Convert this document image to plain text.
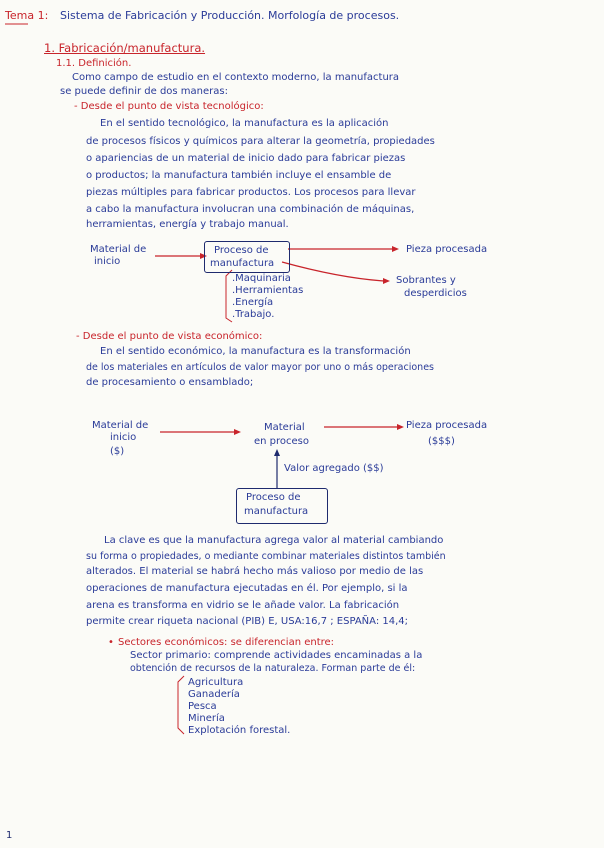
Tema 1: Sistema de Fabricación y Producción. Morfología de procesos.
1. Fabricación/manufactura.
1.1. Definición.
Como campo de estudio en el contexto moderno, la manufactura
se puede definir de dos maneras:
- Desde el punto de vista tecnológico:
En el sentido tecnológico, la manufactura es la aplicación
de procesos físicos y químicos para alterar la geometría, propiedades
o apariencias de un material de inicio dado para fabricar piezas
o productos; la manufactura también incluye el ensamble de
piezas múltiples para fabricar productos. Los procesos para llevar
a cabo la manufactura involucran una combinación de máquinas,
herramientas, energía y trabajo manual.
Material de
inicio
Proceso de
manufactura
Pieza procesada
Sobrantes y
desperdicios
.Maquinaria
.Herramientas
.Energía
.Trabajo.
- Desde el punto de vista económico:
En el sentido económico, la manufactura es la transformación
de los materiales en artículos de valor mayor por uno o más operaciones
de procesamiento o ensamblado;
Material de
inicio
($)
Material
en proceso
Pieza procesada
($$$)
Valor agregado ($$)
Proceso de
manufactura
La clave es que la manufactura agrega valor al material cambiando
su forma o propiedades, o mediante combinar materiales distintos también
alterados. El material se habrá hecho más valioso por medio de las
operaciones de manufactura ejecutadas en él. Por ejemplo, si la
arena es transforma en vidrio se le añade valor. La fabricación
permite crear riqueta nacional (PIB) E, USA:16,7 ; ESPAÑA: 14,4;
• Sectores económicos: se diferencian entre:
Sector primario: comprende actividades encaminadas a la
obtención de recursos de la naturaleza. Forman parte de él:
Agricultura
Ganadería
Pesca
Minería
Explotación forestal.
1
